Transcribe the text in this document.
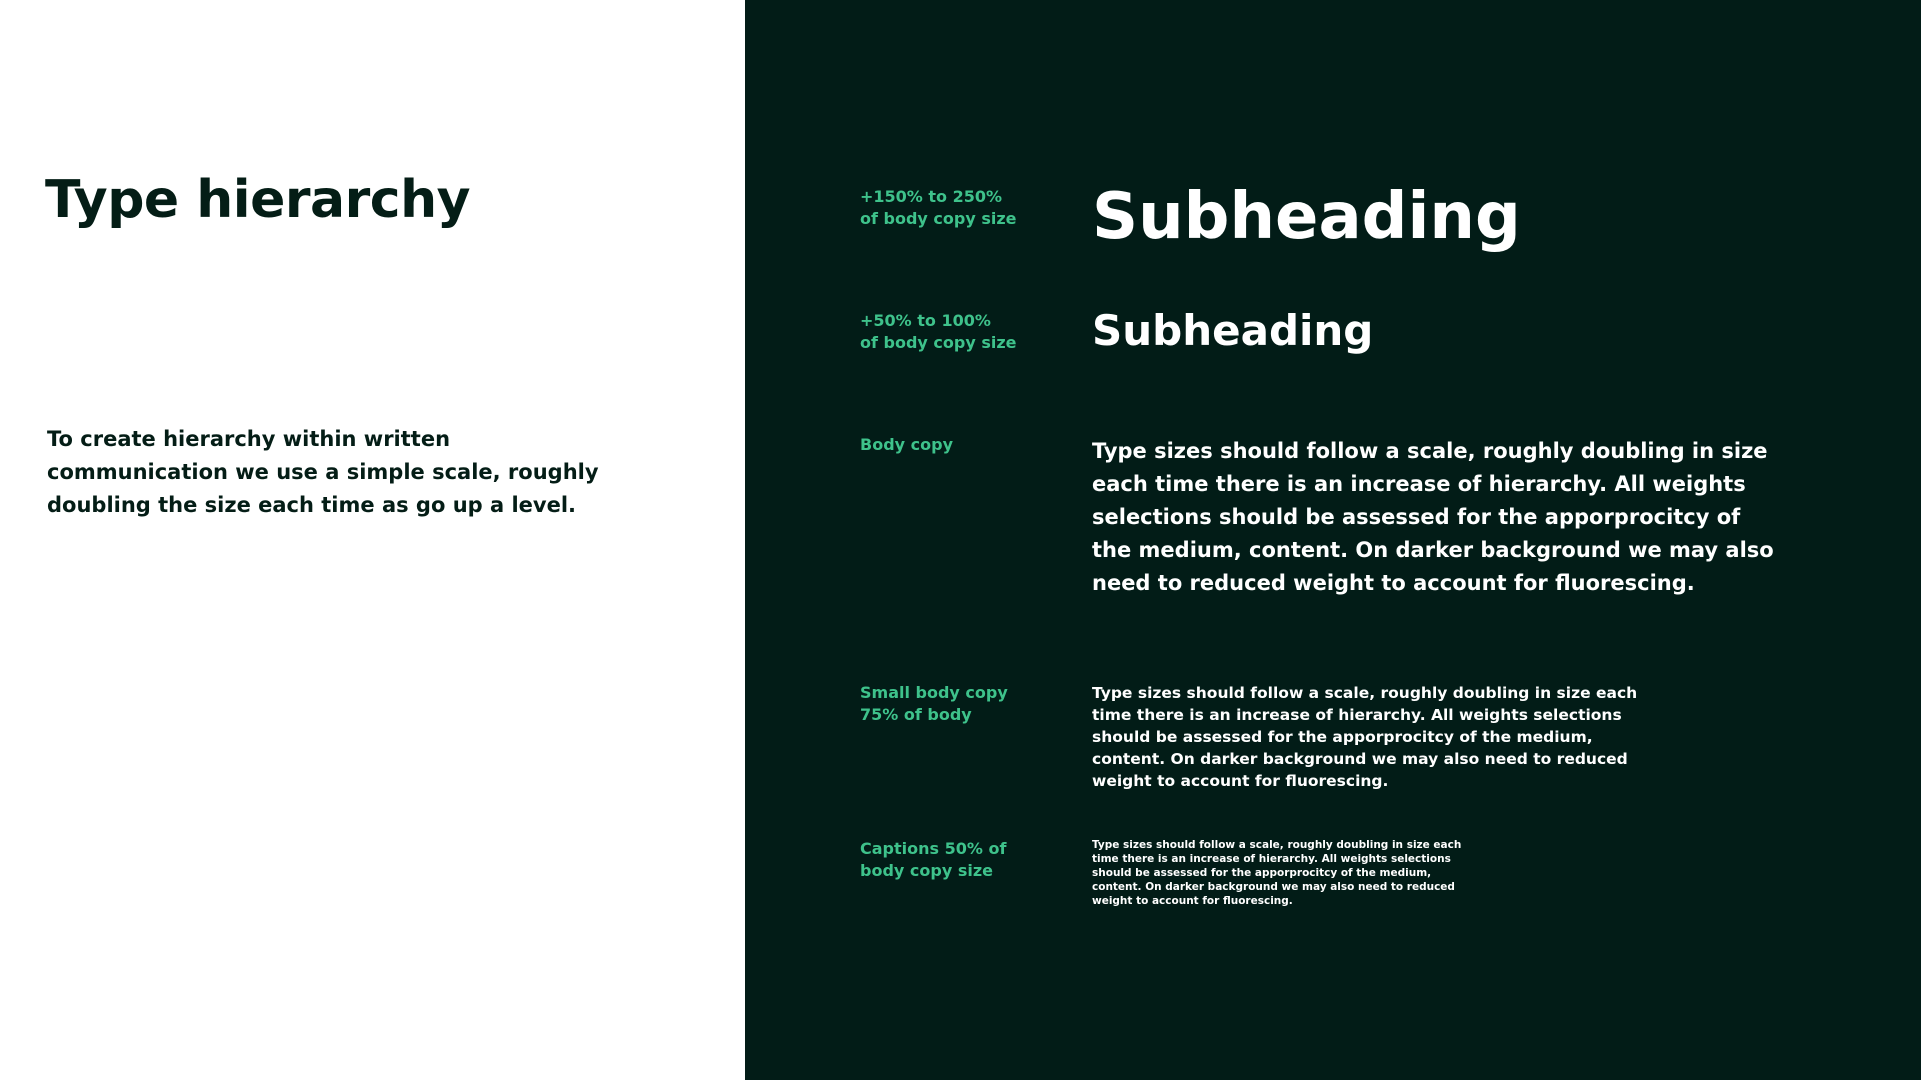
Type hierarchy

To create hierarchy within written communication we use a simple scale, roughly doubling the size each time as go up a level.

+150% to 250%
of body copy size Subheading
+50% to 100%
of body copy size Subheading
Body copy	Type sizes should follow a scale, roughly doubling in size each time there is an increase of hierarchy. All weights selections should be assessed for the apporprocitcy of the medium, content. On darker background we may also need to reduced weight to account for fluorescing.

Small body copy
75% of body

Type sizes should follow a scale, roughly doubling in size each time there is an increase of hierarchy. All weights selections should be assessed for the apporprocitcy of the medium, content. On darker background we may also need to reduced weight to account for fluorescing.

Captions 50% of
body copy size

Type sizes should follow a scale, roughly doubling in size each time there is an increase of hierarchy. All weights selections should be assessed for the apporprocitcy of the medium, content. On darker background we may also need to reduced weight to account for fluorescing.
